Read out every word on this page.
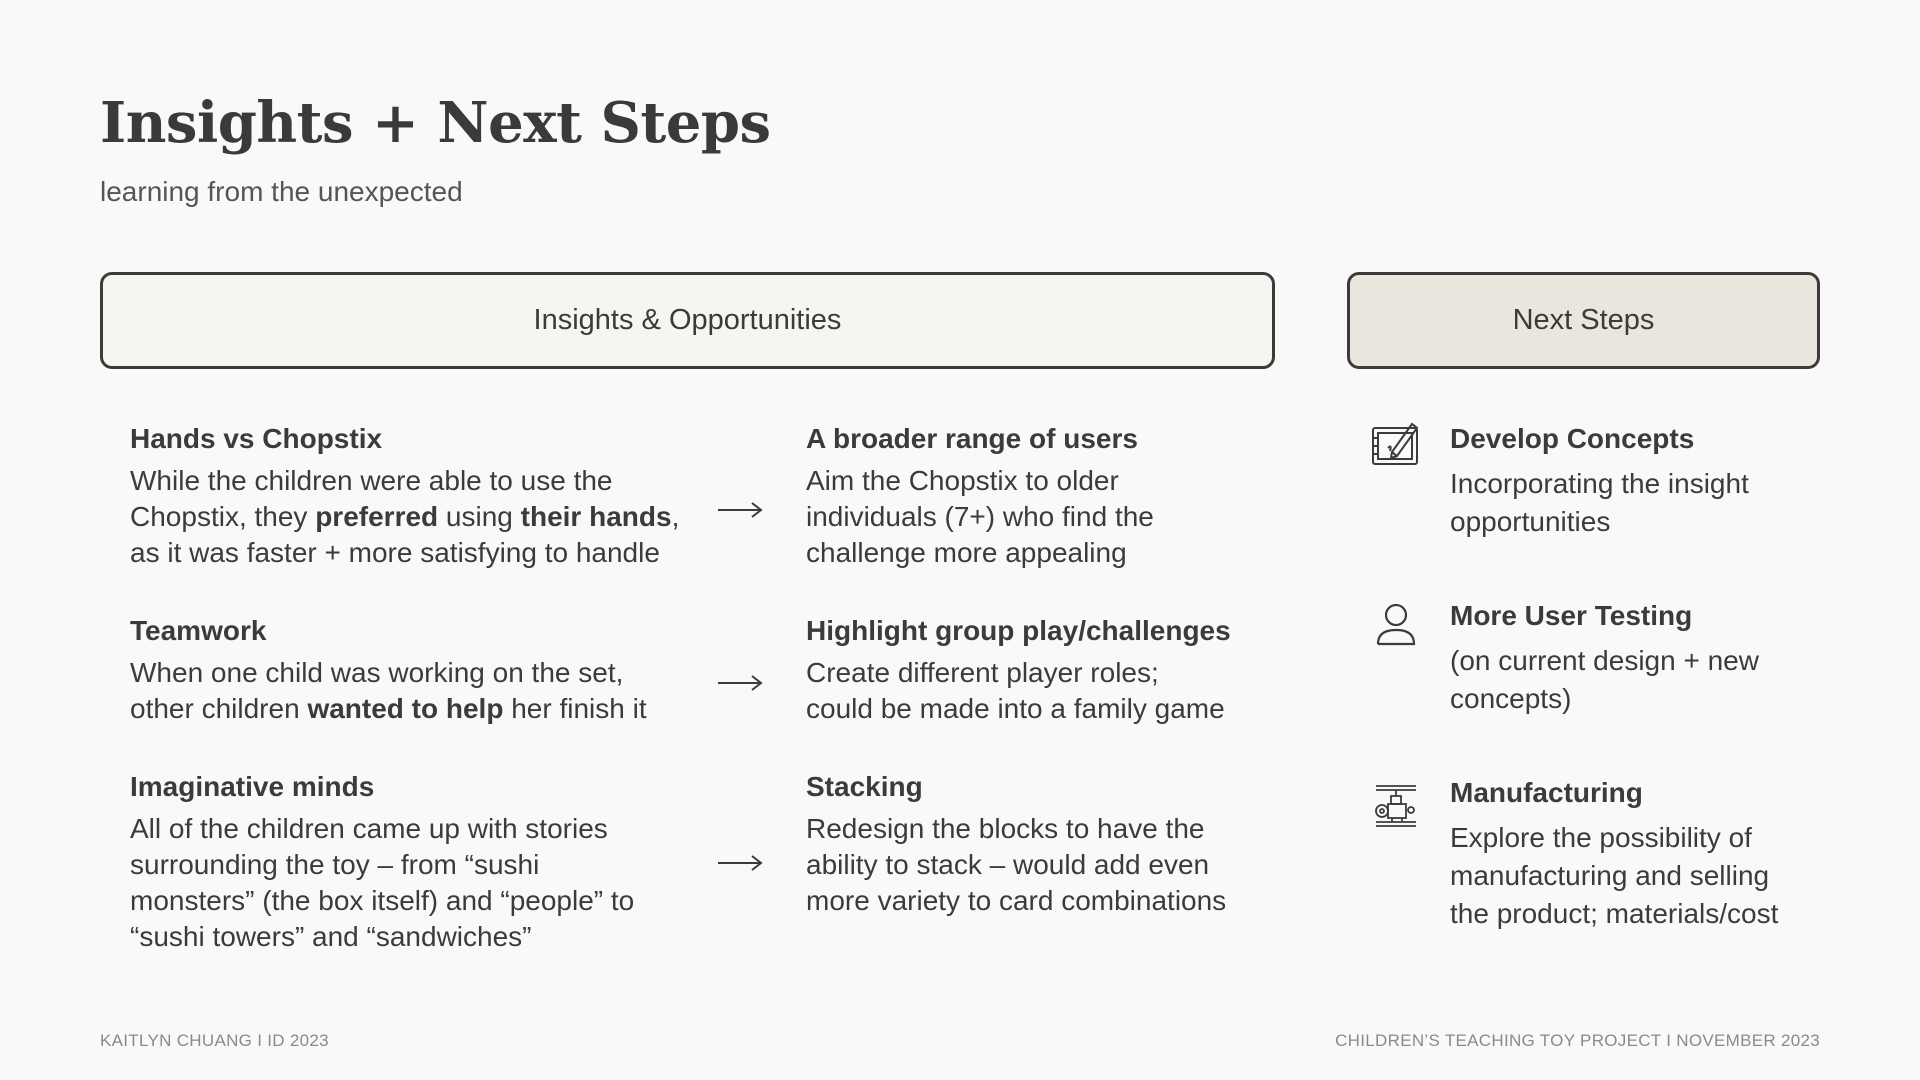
Insights + Next Steps
learning from the unexpected
Insights & Opportunities	Next Steps
Hands vs Chopstix
While the children were able to use the
Chopstix, they preferred using their hands,
as it was faster + more satisfying to handle
Teamwork
When one child was working on the set,
other children wanted to help her finish it
Imaginative minds
All of the children came up with stories
surrounding the toy – from “sushi
monsters” (the box itself) and “people” to
“sushi towers” and “sandwiches”
A broader range of users
Aim the Chopstix to older
individuals (7+) who find the
challenge more appealing
Highlight group play/challenges
Create different player roles;
could be made into a family game
Stacking
Redesign the blocks to have the
ability to stack – would add even
more variety to card combinations
Develop Concepts
Incorporating the insight
opportunities
More User Testing
(on current design + new
concepts)
Manufacturing
Explore the possibility of
manufacturing and selling
the product; materials/cost
KAITLYN CHUANG I ID 2023	CHILDREN’S TEACHING TOY PROJECT I NOVEMBER 2023
